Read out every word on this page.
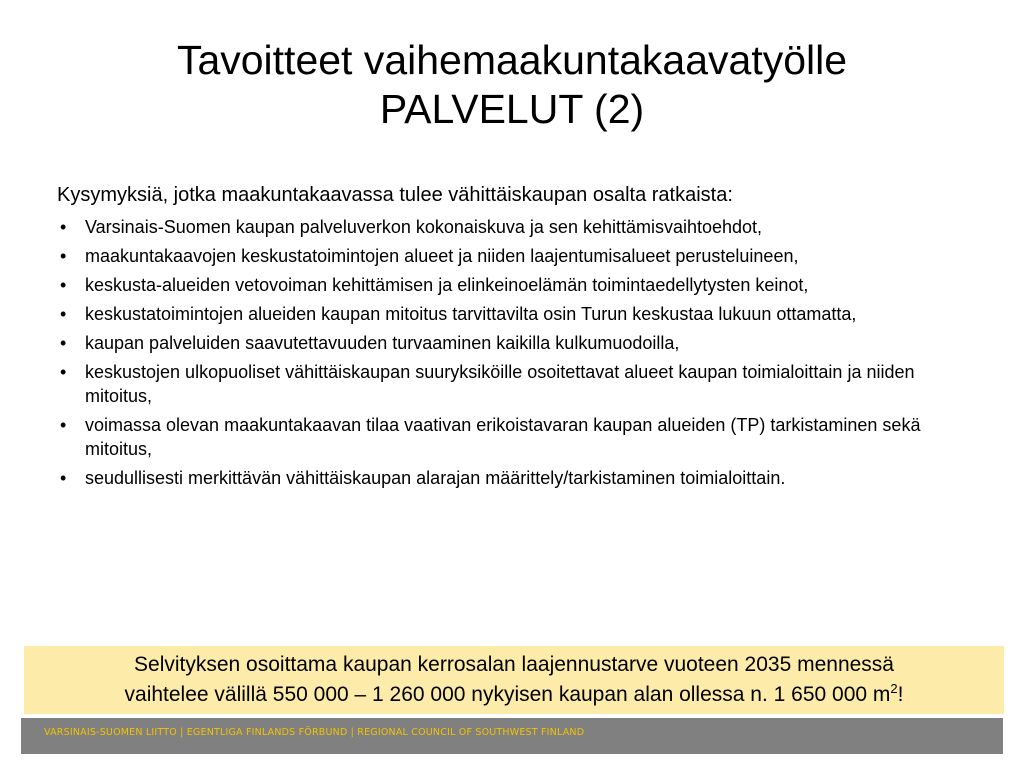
Tavoitteet vaihemaakuntakaavatyölle
PALVELUT (2)
Kysymyksiä, jotka maakuntakaavassa tulee vähittäiskaupan osalta ratkaista:
• Varsinais-Suomen kaupan palveluverkon kokonaiskuva ja sen kehittämisvaihtoehdot,
• maakuntakaavojen keskustatoimintojen alueet ja niiden laajentumisalueet perusteluineen,
• keskusta-alueiden vetovoiman kehittämisen ja elinkeinoelämän toimintaedellytysten keinot,
• keskustatoimintojen alueiden kaupan mitoitus tarvittavilta osin Turun keskustaa lukuun ottamatta,
• kaupan palveluiden saavutettavuuden turvaaminen kaikilla kulkumuodoilla,
• keskustojen ulkopuoliset vähittäiskaupan suuryksiköille osoitettavat alueet kaupan toimialoittain ja niiden mitoitus,
• voimassa olevan maakuntakaavan tilaa vaativan erikoistavaran kaupan alueiden (TP) tarkistaminen sekä mitoitus,
• seudullisesti merkittävän vähittäiskaupan alarajan määrittely/tarkistaminen toimialoittain.
Selvityksen osoittama kaupan kerrosalan laajennustarve vuoteen 2035 mennessä
vaihtelee välillä 550 000 – 1 260 000 nykyisen kaupan alan ollessa n. 1 650 000 $m^2$!
VARSINAIS-SUOMEN LIITTO | EGENTLIGA FINLANDS FÖRBUND | REGIONAL COUNCIL OF SOUTHWEST FINLAND
